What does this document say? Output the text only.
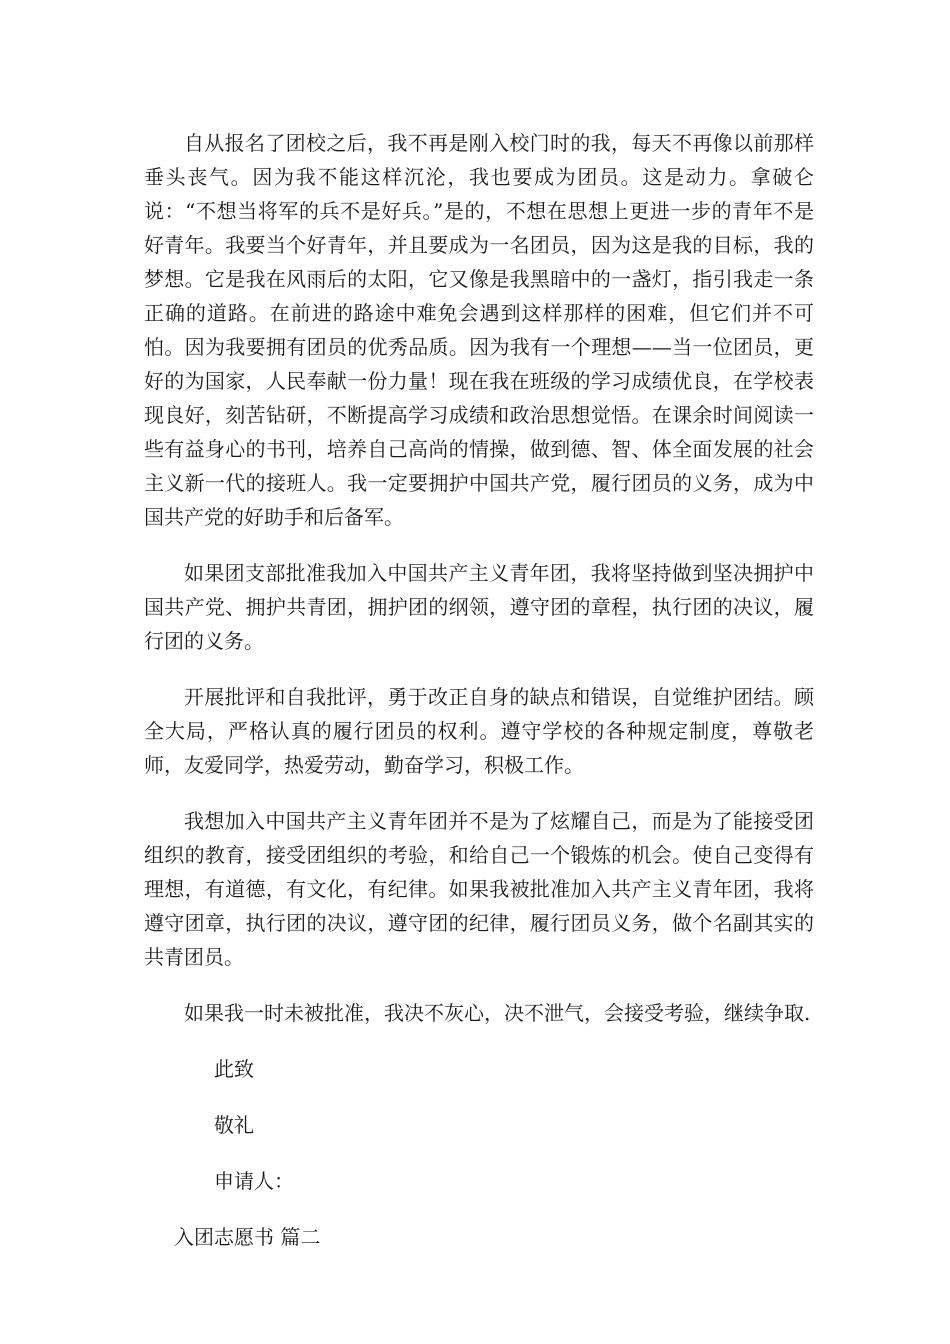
自从报名了团校之后，我不再是刚入校门时的我，每天不再像以前那样垂头丧气。因为我不能这样沉沦，我也要成为团员。这是动力。拿破仑说：“不想当将军的兵不是好兵。”是的，不想在思想上更进一步的青年不是好青年。我要当个好青年，并且要成为一名团员，因为这是我的目标，我的梦想。它是我在风雨后的太阳，它又像是我黑暗中的一盏灯，指引我走一条正确的道路。在前进的路途中难免会遇到这样那样的困难，但它们并不可怕。因为我要拥有团员的优秀品质。因为我有一个理想——当一位团员，更好的为国家，人民奉献一份力量！现在我在班级的学习成绩优良，在学校表现良好，刻苦钻研，不断提高学习成绩和政治思想觉悟。在课余时间阅读一些有益身心的书刊，培养自己高尚的情操，做到德、智、体全面发展的社会主义新一代的接班人。我一定要拥护中国共产党，履行团员的义务，成为中国共产党的好助手和后备军。

如果团支部批准我加入中国共产主义青年团，我将坚持做到坚决拥护中国共产党、拥护共青团，拥护团的纲领，遵守团的章程，执行团的决议，履行团的义务。

开展批评和自我批评，勇于改正自身的缺点和错误，自觉维护团结。顾全大局，严格认真的履行团员的权利。遵守学校的各种规定制度，尊敬老师，友爱同学，热爱劳动，勤奋学习，积极工作。

我想加入中国共产主义青年团并不是为了炫耀自己，而是为了能接受团组织的教育，接受团组织的考验，和给自己一个锻炼的机会。使自己变得有理想，有道德，有文化，有纪律。如果我被批准加入共产主义青年团，我将遵守团章，执行团的决议，遵守团的纪律，履行团员义务，做个名副其实的共青团员。

如果我一时未被批准，我决不灰心，决不泄气，会接受考验，继续争取.

此致

敬礼

申请人：

入团志愿书 篇二
